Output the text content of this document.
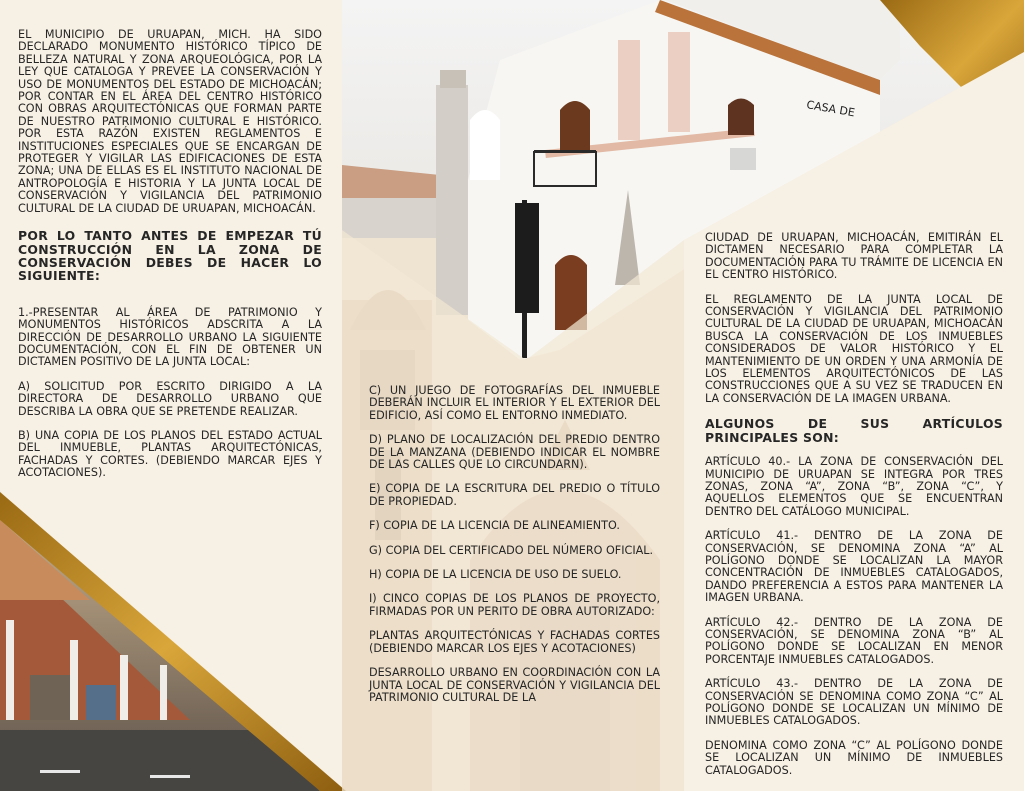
CASA DE

EL MUNICIPIO DE URUAPAN, MICH. HA SIDO DECLARADO MONUMENTO HISTÓRICO TÍPICO DE BELLEZA NATURAL Y ZONA ARQUEOLÓGICA, POR LA LEY QUE CATALOGA Y PREVEE LA CONSERVACIÓN Y USO DE MONUMENTOS DEL ESTADO DE MICHOACÁN; POR CONTAR EN EL ÁREA DEL CENTRO HISTÓRICO CON OBRAS ARQUITECTÓNICAS QUE FORMAN PARTE DE NUESTRO PATRIMONIO CULTURAL E HISTÓRICO. POR ESTA RAZÓN EXISTEN REGLAMENTOS E INSTITUCIONES ESPECIALES QUE SE ENCARGAN DE PROTEGER Y VIGILAR LAS EDIFICACIONES DE ESTA ZONA; UNA DE ELLAS ES EL INSTITUTO NACIONAL DE ANTROPOLOGÍA E HISTORIA Y LA JUNTA LOCAL DE CONSERVACIÓN Y VIGILANCIA DEL PATRIMONIO CULTURAL DE LA CIUDAD DE URUAPAN, MICHOACÁN.

POR LO TANTO ANTES DE EMPEZAR TÚ CONSTRUCCIÓN EN LA ZONA DE CONSERVACIÓN DEBES DE HACER LO SIGUIENTE:

1.-PRESENTAR AL ÁREA DE PATRIMONIO Y MONUMENTOS HISTÓRICOS ADSCRITA A LA DIRECCIÓN DE DESARROLLO URBANO LA SIGUIENTE DOCUMENTACIÓN, CON EL FIN DE OBTENER UN DICTAMEN POSITIVO DE LA JUNTA LOCAL:

A) SOLICITUD POR ESCRITO DIRIGIDO A LA DIRECTORA DE DESARROLLO URBANO QUE DESCRIBA LA OBRA QUE SE PRETENDE REALIZAR.

B) UNA COPIA DE LOS PLANOS DEL ESTADO ACTUAL DEL INMUEBLE, PLANTAS ARQUITECTÓNICAS, FACHADAS Y CORTES. (DEBIENDO MARCAR EJES Y ACOTACIONES).

C) UN JUEGO DE FOTOGRAFÍAS DEL INMUEBLE DEBERÁN INCLUIR EL INTERIOR Y EL EXTERIOR DEL EDIFICIO, ASÍ COMO EL ENTORNO INMEDIATO.

D) PLANO DE LOCALIZACIÓN DEL PREDIO DENTRO DE LA MANZANA (DEBIENDO INDICAR EL NOMBRE DE LAS CALLES QUE LO CIRCUNDARN).

E) COPIA DE LA ESCRITURA DEL PREDIO O TÍTULO DE PROPIEDAD.

F) COPIA DE LA LICENCIA DE ALINEAMIENTO.

G) COPIA DEL CERTIFICADO DEL NÚMERO OFICIAL.

H) COPIA DE LA LICENCIA DE USO DE SUELO.

I) CINCO COPIAS DE LOS PLANOS DE PROYECTO, FIRMADAS POR UN PERITO DE OBRA AUTORIZADO:

PLANTAS ARQUITECTÓNICAS Y FACHADAS CORTES (DEBIENDO MARCAR LOS EJES Y ACOTACIONES)

DESARROLLO URBANO EN COORDINACIÓN CON LA JUNTA LOCAL DE CONSERVACIÓN Y VIGILANCIA DEL PATRIMONIO CULTURAL DE LA

CIUDAD DE URUAPAN, MICHOACÁN, EMITIRÁN EL DICTAMEN NECESARIO PARA COMPLETAR LA DOCUMENTACIÓN PARA TU TRÁMITE DE LICENCIA EN EL CENTRO HISTÓRICO.

EL REGLAMENTO DE LA JUNTA LOCAL DE CONSERVACIÓN Y VIGILANCIA DEL PATRIMONIO CULTURAL DE LA CIUDAD DE URUAPAN, MICHOACÁN BUSCA LA CONSERVACIÓN DE LOS INMUEBLES CONSIDERADOS DE VALOR HISTÓRICO Y EL MANTENIMIENTO DE UN ORDEN Y UNA ARMONÍA DE LOS ELEMENTOS ARQUITECTÓNICOS DE LAS CONSTRUCCIONES QUE A SU VEZ SE TRADUCEN EN LA CONSERVACIÓN DE LA IMAGEN URBANA.

ALGUNOS DE SUS ARTÍCULOS PRINCIPALES SON:

ARTÍCULO 40.- LA ZONA DE CONSERVACIÓN DEL MUNICIPIO DE URUAPAN SE INTEGRA POR TRES ZONAS, ZONA “A”, ZONA “B”, ZONA “C”, Y AQUELLOS ELEMENTOS QUE SE ENCUENTRAN DENTRO DEL CATÁLOGO MUNICIPAL.

ARTÍCULO 41.- DENTRO DE LA ZONA DE CONSERVACIÓN, SE DENOMINA ZONA “A” AL POLÍGONO DONDE SE LOCALIZAN LA MAYOR CONCENTRACIÓN DE INMUEBLES CATALOGADOS, DANDO PREFERENCIA A ESTOS PARA MANTENER LA IMAGEN URBANA.

ARTÍCULO 42.- DENTRO DE LA ZONA DE CONSERVACIÓN, SE DENOMINA ZONA “B” AL POLÍGONO DONDE SE LOCALIZAN EN MENOR PORCENTAJE INMUEBLES CATALOGADOS.

ARTÍCULO 43.- DENTRO DE LA ZONA DE CONSERVACIÓN SE DENOMINA COMO ZONA “C” AL POLÍGONO DONDE SE LOCALIZAN UN MÍNIMO DE INMUEBLES CATALOGADOS.

DENOMINA COMO ZONA “C” AL POLÍGONO DONDE SE LOCALIZAN UN MÍNIMO DE INMUEBLES CATALOGADOS.
